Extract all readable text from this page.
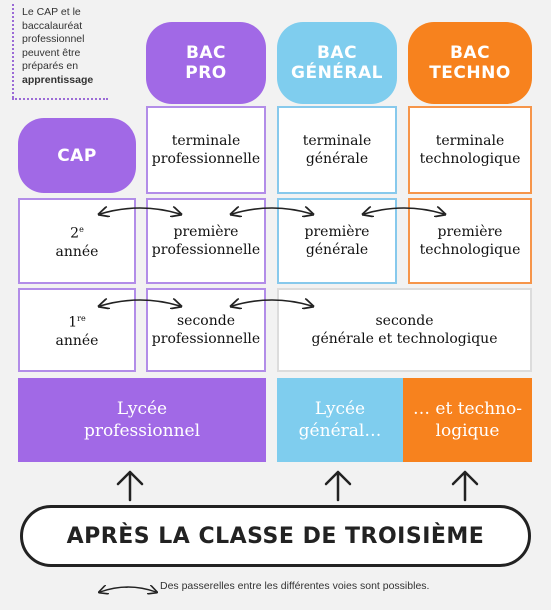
Le CAP et le
baccalauréat
professionnel
peuvent être
préparés en
apprentissage
CAP
BAC
PRO
BAC
GÉNÉRAL
BAC
TECHNO
terminale
professionnelle
terminale
générale
terminale
technologique
2e
année
première
professionnelle
première
générale
première
technologique
1re
année
seconde
professionnelle
seconde
générale et technologique
Lycée
professionnel
Lycée
général…
… et techno-
logique
APRÈS LA CLASSE DE TROISIÈME
Des passerelles entre les différentes voies sont possibles.
